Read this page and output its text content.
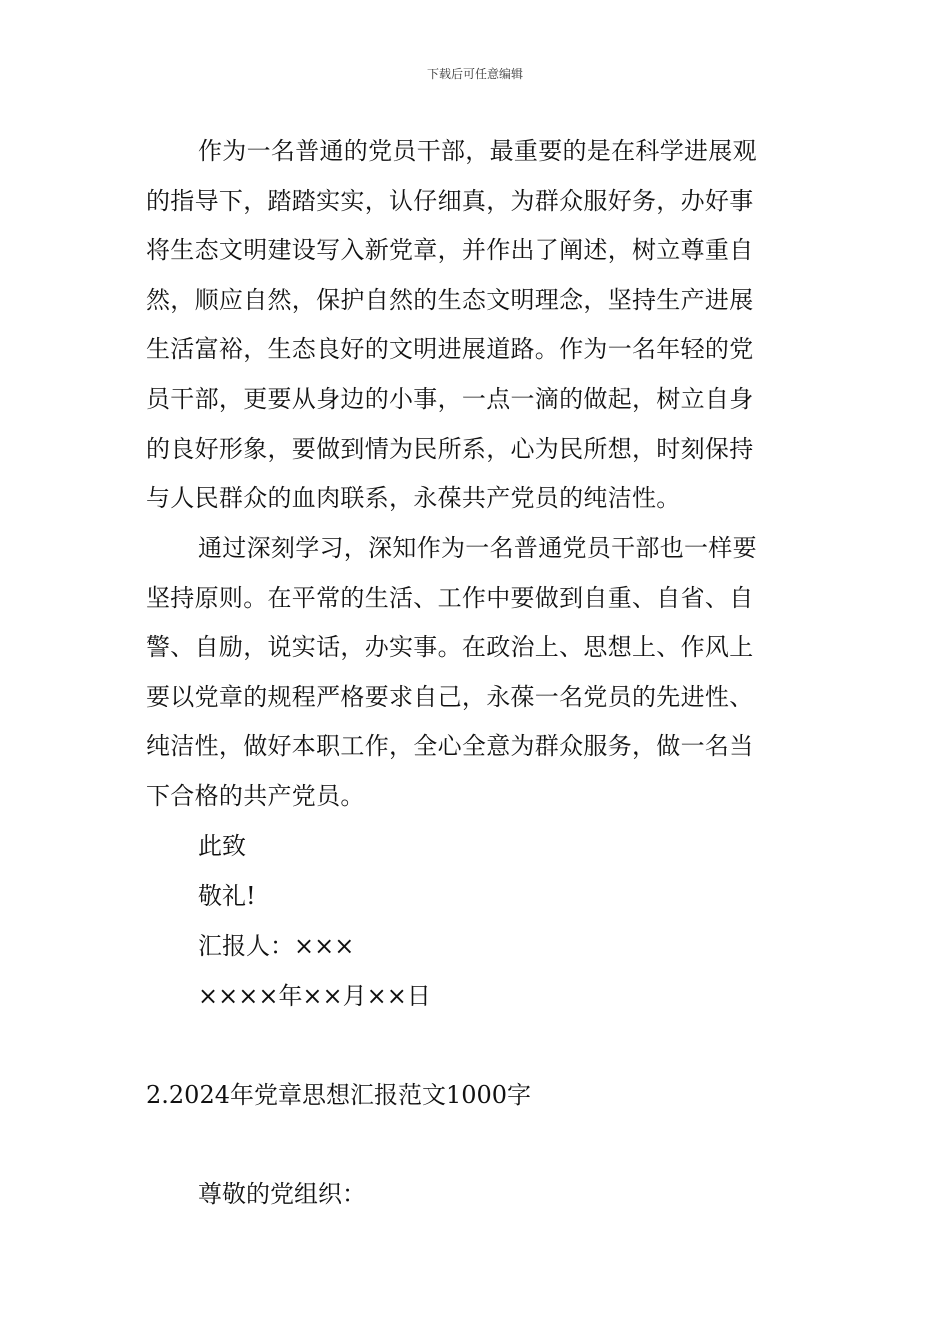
下载后可任意编辑
作为一名普通的党员干部，最重要的是在科学进展观
的指导下，踏踏实实，认仔细真，为群众服好务，办好事
将生态文明建设写入新党章，并作出了阐述，树立尊重自
然，顺应自然，保护自然的生态文明理念，坚持生产进展
生活富裕，生态良好的文明进展道路。作为一名年轻的党
员干部，更要从身边的小事，一点一滴的做起，树立自身
的良好形象，要做到情为民所系，心为民所想，时刻保持
与人民群众的血肉联系，永葆共产党员的纯洁性。
通过深刻学习，深知作为一名普通党员干部也一样要
坚持原则。在平常的生活、工作中要做到自重、自省、自
警、自励，说实话，办实事。在政治上、思想上、作风上
要以党章的规程严格要求自己，永葆一名党员的先进性、
纯洁性，做好本职工作，全心全意为群众服务，做一名当
下合格的共产党员。
此致
敬礼!
汇报人：×××
××××年××月××日
2.2024年党章思想汇报范文1000字
尊敬的党组织：
